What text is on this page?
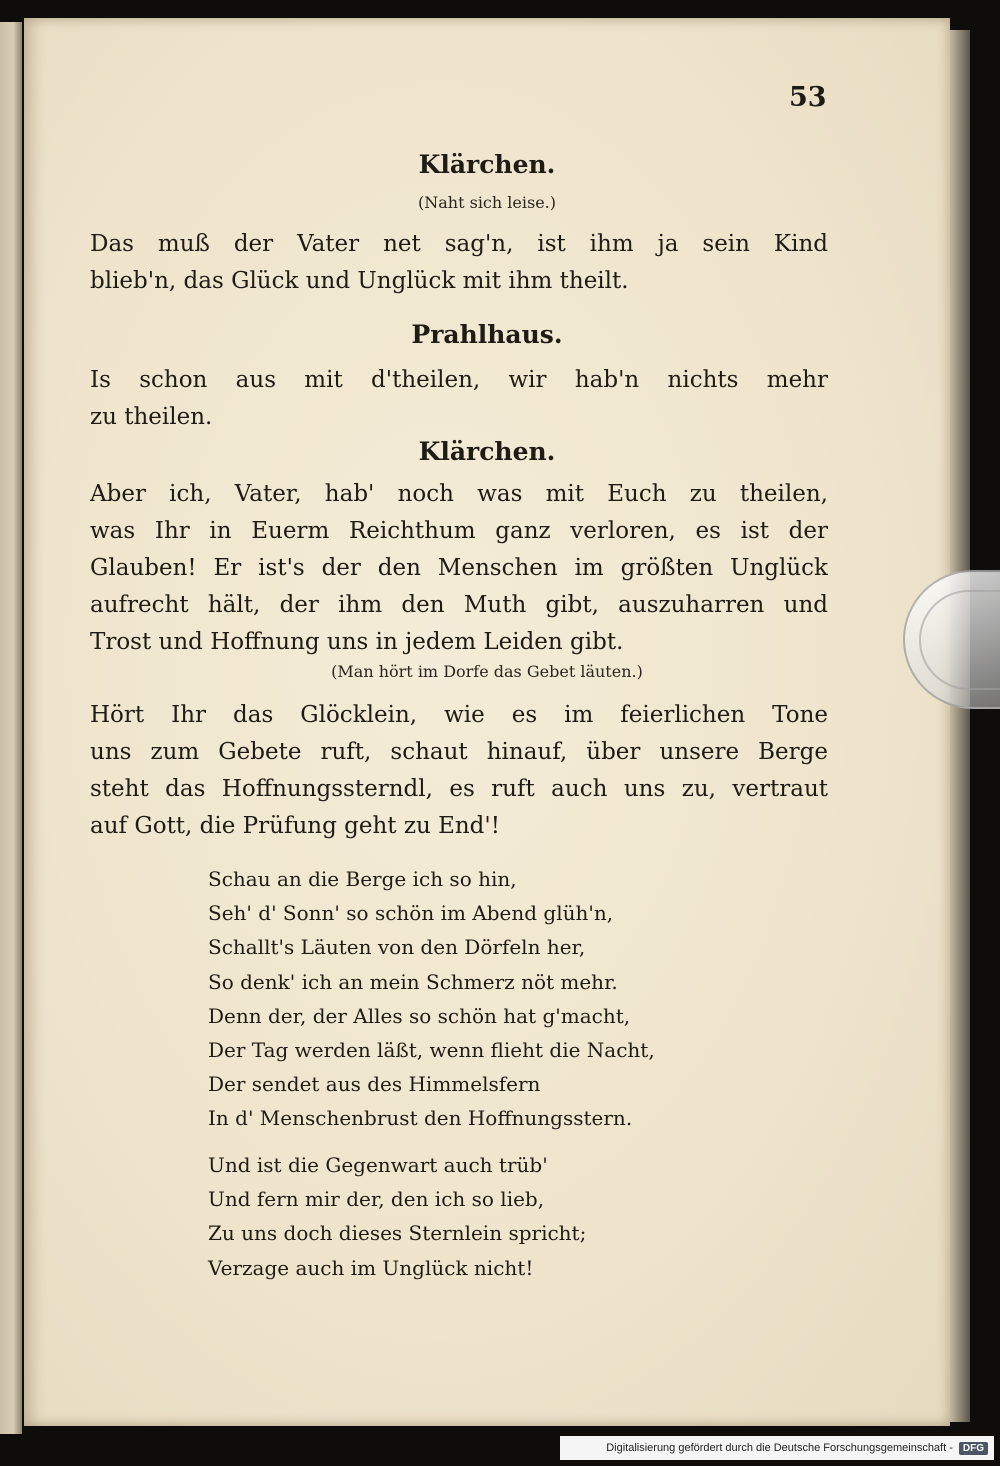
53
Klärchen.
(Naht sich leise.)
Das muß der Vater net sag'n, ist ihm ja sein Kind
blieb'n, das Glück und Unglück mit ihm theilt.
Prahlhaus.
Is schon aus mit d'theilen, wir hab'n nichts mehr
zu theilen.
Klärchen.
Aber ich, Vater, hab' noch was mit Euch zu theilen,
was Ihr in Euerm Reichthum ganz verloren, es ist der
Glauben! Er ist's der den Menschen im größten Unglück
aufrecht hält, der ihm den Muth gibt, auszuharren und
Trost und Hoffnung uns in jedem Leiden gibt.
(Man hört im Dorfe das Gebet läuten.)
Hört Ihr das Glöcklein, wie es im feierlichen Tone
uns zum Gebete ruft, schaut hinauf, über unsere Berge
steht das Hoffnungssterndl, es ruft auch uns zu, vertraut
auf Gott, die Prüfung geht zu End'!
Schau an die Berge ich so hin,
Seh' d' Sonn' so schön im Abend glüh'n,
Schallt's Läuten von den Dörfeln her,
So denk' ich an mein Schmerz nöt mehr.
Denn der, der Alles so schön hat g'macht,
Der Tag werden läßt, wenn flieht die Nacht,
Der sendet aus des Himmelsfern
In d' Menschenbrust den Hoffnungsstern.
Und ist die Gegenwart auch trüb'
Und fern mir der, den ich so lieb,
Zu uns doch dieses Sternlein spricht;
Verzage auch im Unglück nicht!
Digitalisierung gefördert durch die Deutsche Forschungsgemeinschaft -	DFG
